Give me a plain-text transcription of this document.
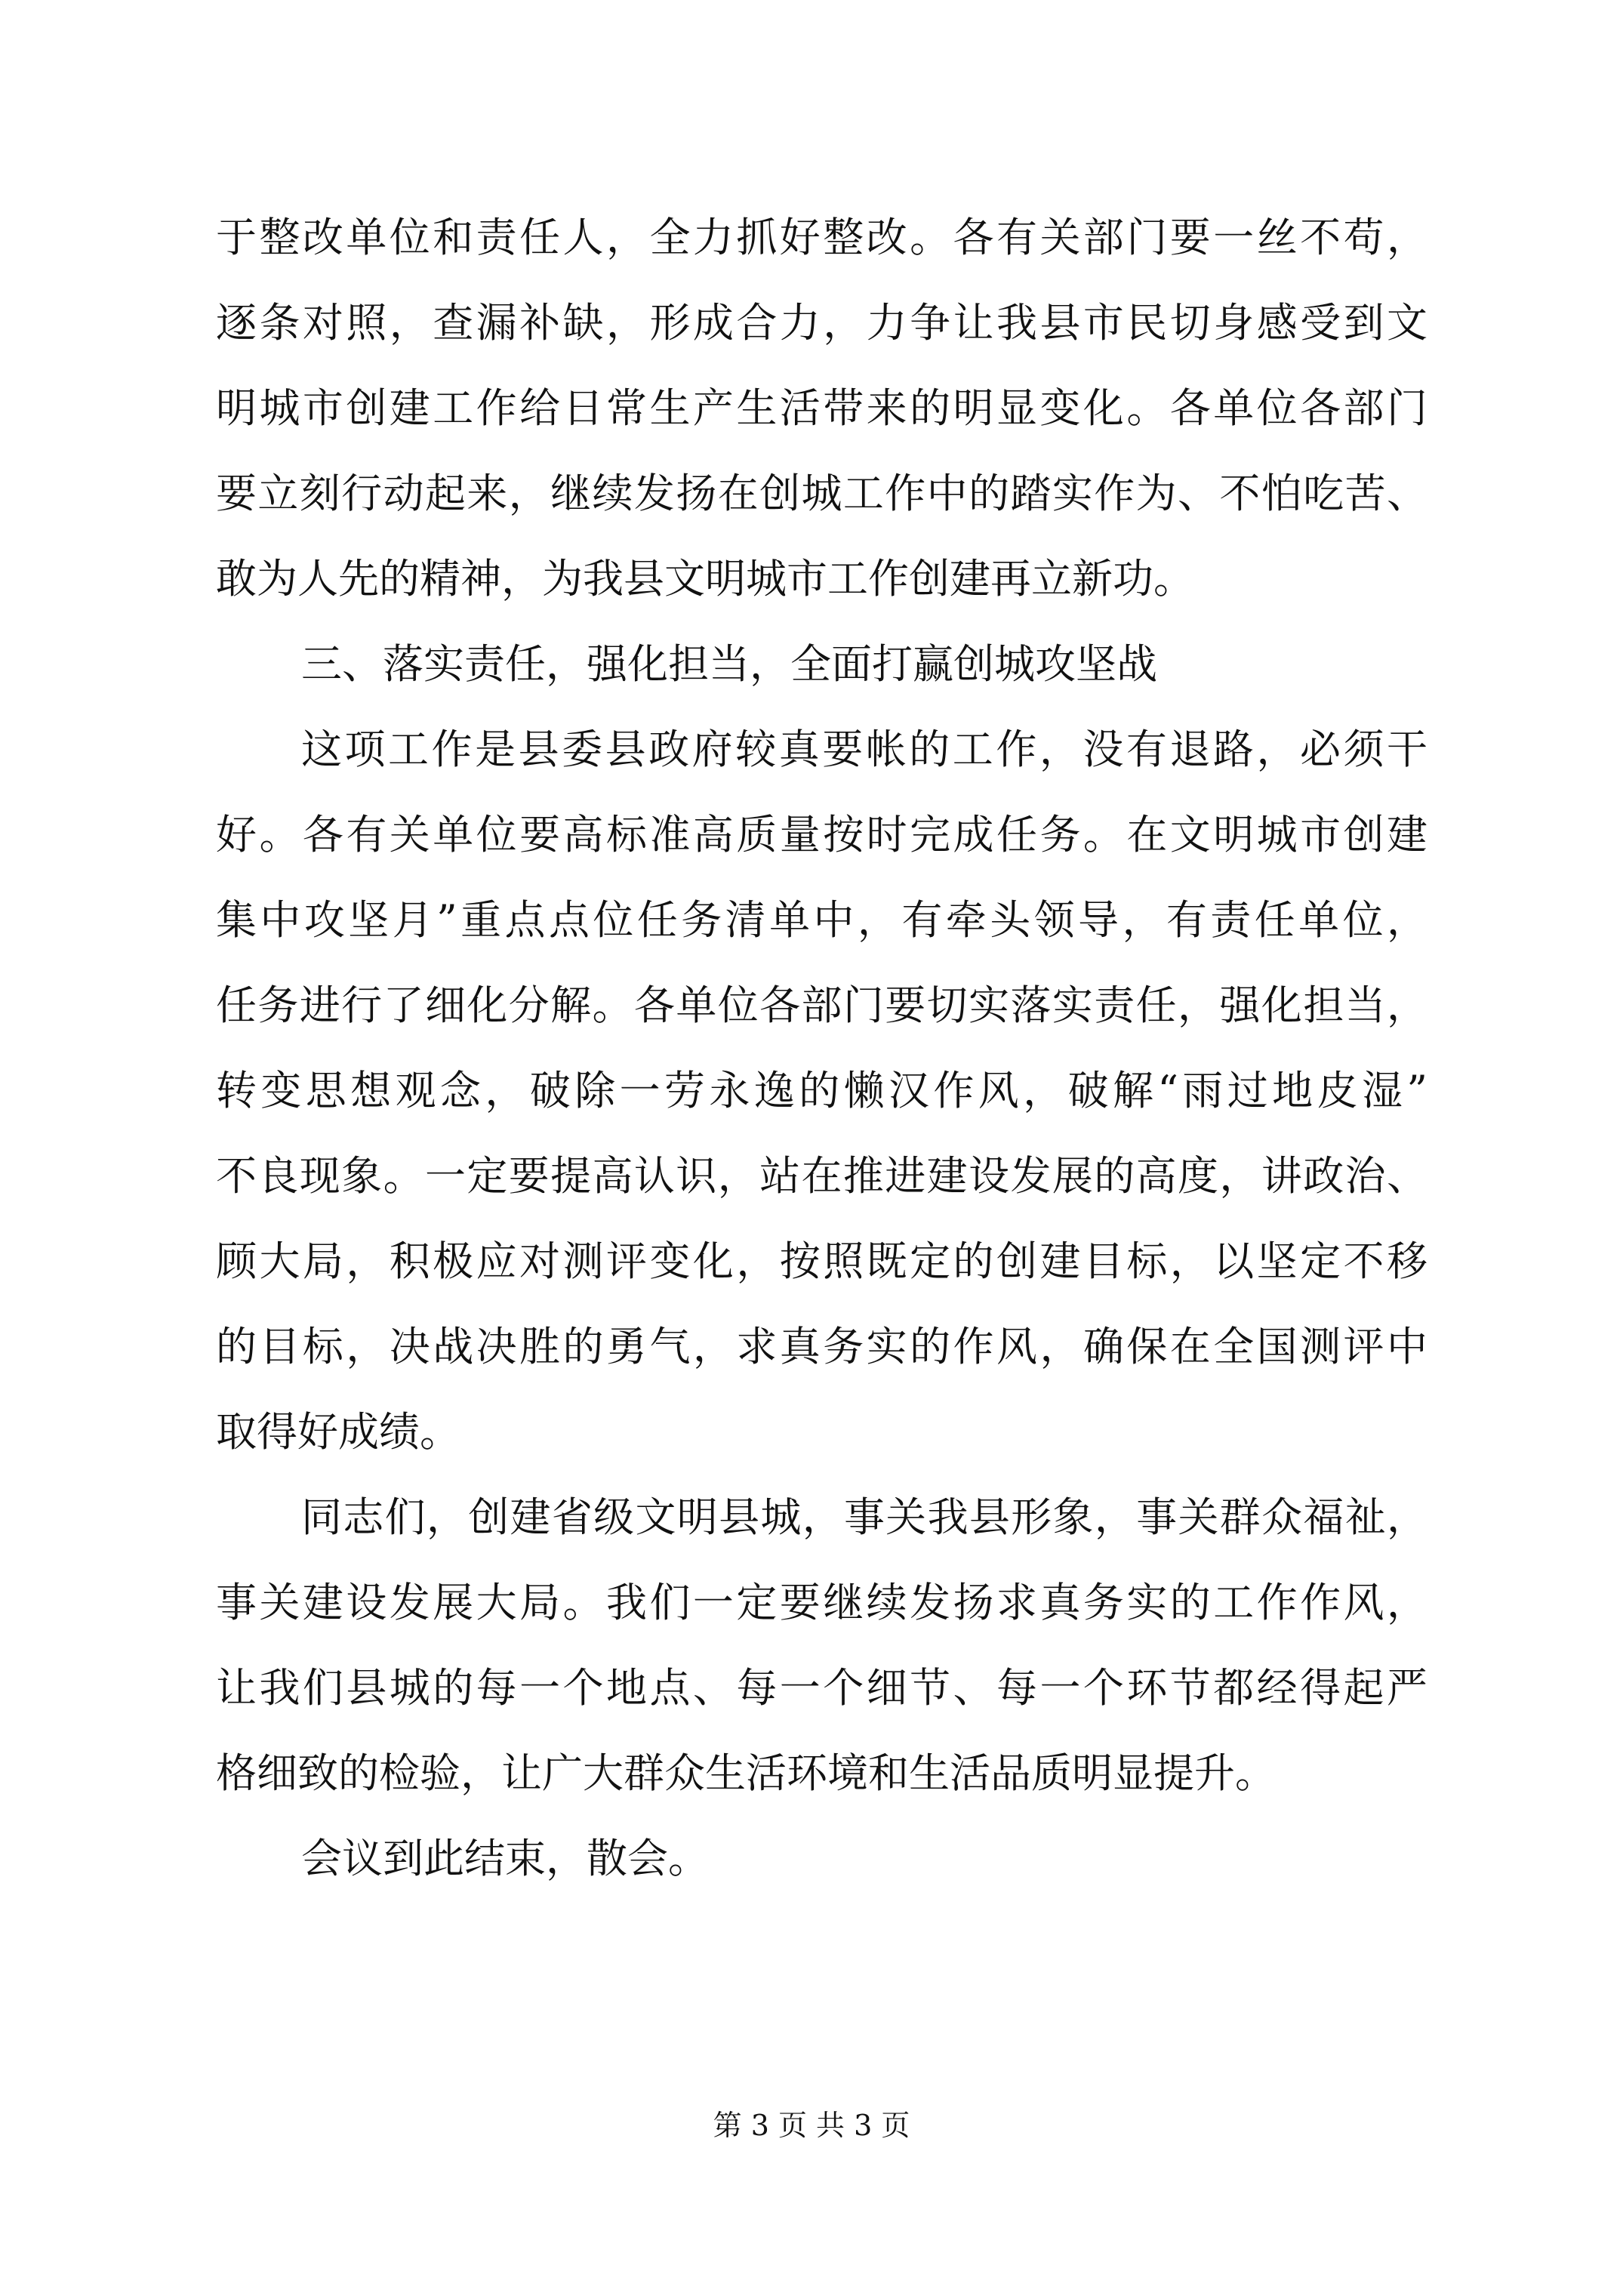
于整改单位和责任人，全力抓好整改。各有关部门要一丝不苟，
逐条对照，查漏补缺，形成合力，力争让我县市民切身感受到文
明城市创建工作给日常生产生活带来的明显变化。各单位各部门
要立刻行动起来，继续发扬在创城工作中的踏实作为、不怕吃苦、
敢为人先的精神，为我县文明城市工作创建再立新功。
三、落实责任，强化担当，全面打赢创城攻坚战
这项工作是县委县政府较真要帐的工作，没有退路，必须干
好。各有关单位要高标准高质量按时完成任务。在文明城市创建
集中攻坚月”重点点位任务清单中，有牵头领导，有责任单位，
任务进行了细化分解。各单位各部门要切实落实责任，强化担当，
转变思想观念，破除一劳永逸的懒汉作风，破解“雨过地皮湿”
不良现象。一定要提高认识，站在推进建设发展的高度，讲政治、
顾大局，积极应对测评变化，按照既定的创建目标，以坚定不移
的目标，决战决胜的勇气，求真务实的作风，确保在全国测评中
取得好成绩。
同志们，创建省级文明县城，事关我县形象，事关群众福祉，
事关建设发展大局。我们一定要继续发扬求真务实的工作作风，
让我们县城的每一个地点、每一个细节、每一个环节都经得起严
格细致的检验，让广大群众生活环境和生活品质明显提升。
会议到此结束，散会。
第 3 页 共 3 页
